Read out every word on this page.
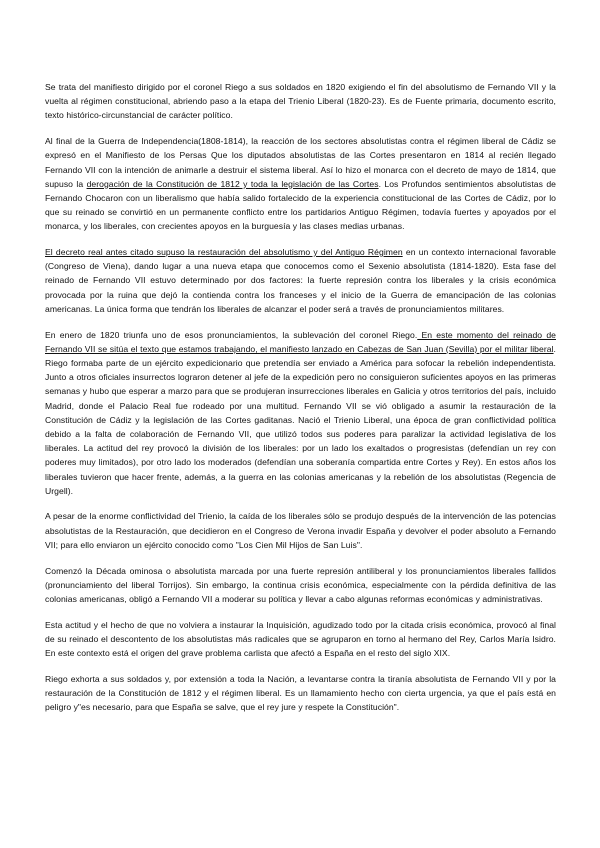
Se trata del manifiesto dirigido por el coronel Riego a sus soldados en 1820 exigiendo el fin del absolutismo de Fernando VII y la vuelta al régimen constitucional, abriendo paso a la etapa del Trienio Liberal (1820-23). Es de Fuente primaria, documento escrito, texto histórico-circunstancial de carácter político.

Al final de la Guerra de Independencia(1808-1814), la reacción de los sectores absolutistas contra el régimen liberal de Cádiz se expresó en el Manifiesto de los Persas Que los diputados absolutistas de las Cortes presentaron en 1814 al recién llegado Fernando VII con la intención de animarle a destruir el sistema liberal. Así lo hizo el monarca con el decreto de mayo de 1814, que supuso la derogación de la Constitución de 1812 y toda la legislación de las Cortes. Los Profundos sentimientos absolutistas de Fernando Chocaron con un liberalismo que había salido fortalecido de la experiencia constitucional de las Cortes de Cádiz, por lo que su reinado se convirtió en un permanente conflicto entre los partidarios Antiguo Régimen, todavía fuertes y apoyados por el monarca, y los liberales, con crecientes apoyos en la burguesía y las clases medias urbanas.

El decreto real antes citado supuso la restauración del absolutismo y del Antiguo Régimen en un contexto internacional favorable (Congreso de Viena), dando lugar a una nueva etapa que conocemos como el Sexenio absolutista (1814-1820). Esta fase del reinado de Fernando VII estuvo determinado por dos factores: la fuerte represión contra los liberales y la crisis económica provocada por la ruina que dejó la contienda contra los franceses y el inicio de la Guerra de emancipación de las colonias americanas. La única forma que tendrán los liberales de alcanzar el poder será a través de pronunciamientos militares.

En enero de 1820 triunfa uno de esos pronunciamientos, la sublevación del coronel Riego. En este momento del reinado de Fernando VII se sitúa el texto que estamos trabajando, el manifiesto lanzado en Cabezas de San Juan (Sevilla) por el militar liberal. Riego formaba parte de un ejército expedicionario que pretendía ser enviado a América para sofocar la rebelión independentista. Junto a otros oficiales insurrectos lograron detener al jefe de la expedición pero no consiguieron suficientes apoyos en las primeras semanas y hubo que esperar a marzo para que se produjeran insurrecciones liberales en Galicia y otros territorios del país, incluido Madrid, donde el Palacio Real fue rodeado por una multitud. Fernando VII se vió obligado a asumir la restauración de la Constitución de Cádiz y la legislación de las Cortes gaditanas. Nació el Trienio Liberal, una época de gran conflictividad política debido a la falta de colaboración de Fernando VII, que utilizó todos sus poderes para paralizar la actividad legislativa de los liberales. La actitud del rey provocó la división de los liberales: por un lado los exaltados o progresistas (defendían un rey con poderes muy limitados), por otro lado los moderados (defendían una soberanía compartida entre Cortes y Rey). En estos años los liberales tuvieron que hacer frente, además, a la guerra en las colonias americanas y la rebelión de los absolutistas (Regencia de Urgell).

A pesar de la enorme conflictividad del Trienio, la caída de los liberales sólo se produjo después de la intervención de las potencias absolutistas de la Restauración, que decidieron en el Congreso de Verona invadir España y devolver el poder absoluto a Fernando VII; para ello enviaron un ejército conocido como "Los Cien Mil Hijos de San Luis".

Comenzó la Década ominosa o absolutista marcada por una fuerte represión antiliberal y los pronunciamientos liberales fallidos (pronunciamiento del liberal Torrijos). Sin embargo, la continua crisis económica, especialmente con la pérdida definitiva de las colonias americanas, obligó a Fernando VII a moderar su política y llevar a cabo algunas reformas económicas y administrativas.

Esta actitud y el hecho de que no volviera a instaurar la Inquisición, agudizado todo por la citada crisis económica, provocó al final de su reinado el descontento de los absolutistas más radicales que se agruparon en torno al hermano del Rey, Carlos María Isidro. En este contexto está el origen del grave problema carlista que afectó a España en el resto del siglo XIX.

Riego exhorta a sus soldados y, por extensión a toda la Nación, a levantarse contra la tiranía absolutista de Fernando VII y por la restauración de la Constitución de 1812 y el régimen liberal. Es un llamamiento hecho con cierta urgencia, ya que el país está en peligro y"es necesario, para que España se salve, que el rey jure y respete la Constitución".
